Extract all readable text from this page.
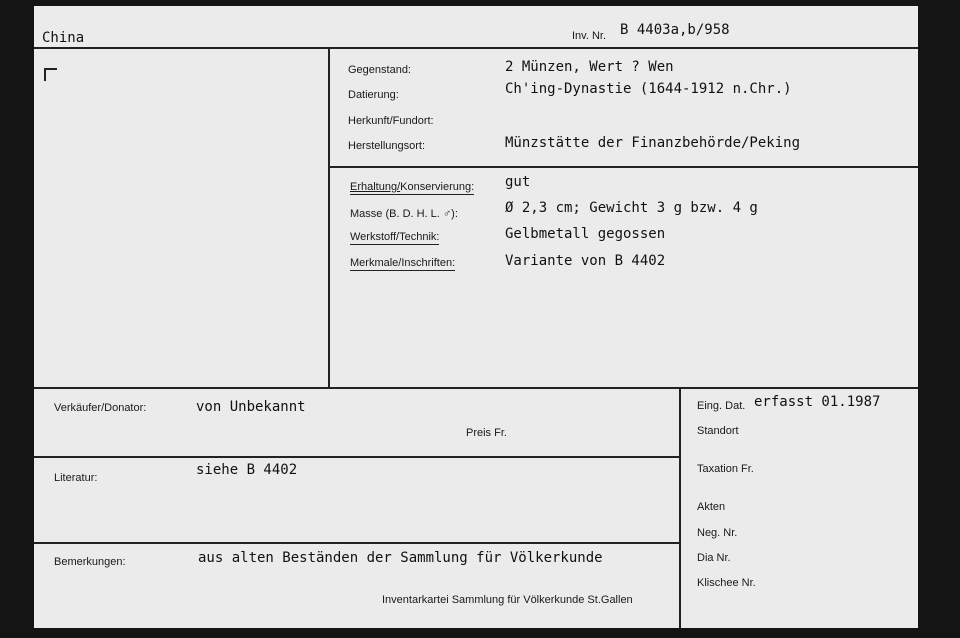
China	Inv. Nr. B 4403a,b/958
Gegenstand:	2 Münzen, Wert ? Wen
Datierung:	Ch'ing-Dynastie (1644-1912 n.Chr.)
Herkunft/Fundort:
Herstellungsort:	Münzstätte der Finanzbehörde/Peking
Erhaltung/Konservierung: gut
Masse (B. D. H. L. ♂):	Ø 2,3 cm; Gewicht 3 g bzw. 4 g
Werkstoff/Technik:	Gelbmetall gegossen
Merkmale/Inschriften:	Variante von B 4402
Verkäufer/Donator:	von Unbekannt
Preis Fr.
Literatur:	siehe B 4402
Bemerkungen:	aus alten Beständen der Sammlung für Völkerkunde
Inventarkartei Sammlung für Völkerkunde St.Gallen
Eing. Dat. erfasst 01.1987
Standort
Taxation Fr.
Akten
Neg. Nr.
Dia Nr.
Klischee Nr.
